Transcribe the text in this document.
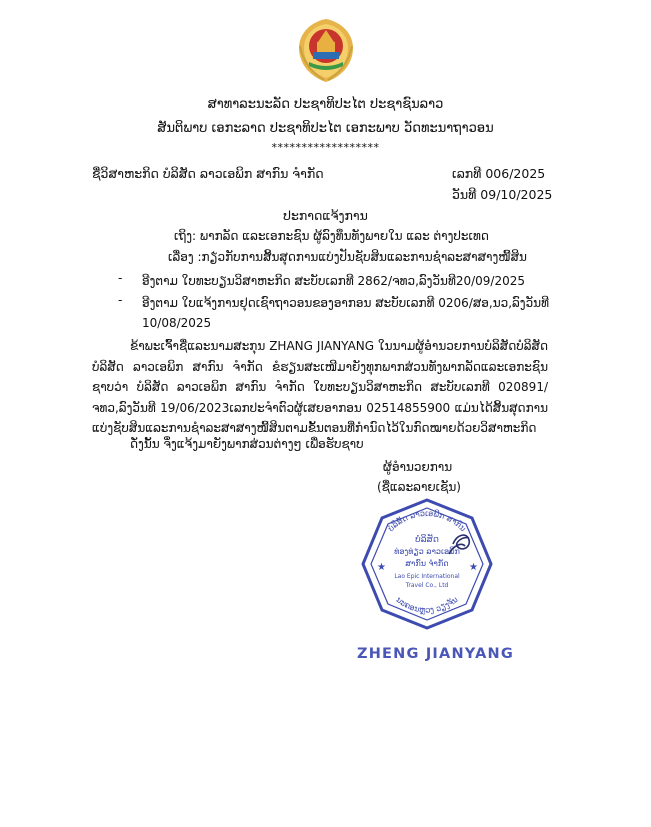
ສາທາລະນະລັດ ປະຊາທິປະໄຕ ປະຊາຊົນລາວ
ສັນຕິພາບ ເອກະລາດ ປະຊາທິປະໄຕ ເອກະພາບ ວັດທະນາຖາວອນ
******************
ຊື່ວິສາຫະກິດ ບໍລິສັດ ລາວເອພິກ ສາກົນ ຈຳກັດ	ເລກທີ 006/2025
ວັນທີ 09/10/2025
ປະກາດແຈ້ງການ
ເຖິງ: ພາກລັດ ແລະເອກະຊົນ ຜູ້ລົງທຶນທັງພາຍໃນ ແລະ ຕ່າງປະເທດ
ເລື່ອງ :ກຽ່ວກັບການສິ້ນສຸດການແບ່ງປັນຊັບສິນແລະການຊຳລະສາສາງໜີ້ສິນ
- ອີງຕາມ ໃບທະບຽນວິສາຫະກິດ ສະບັບເລກທີ 2862/ຈທວ,ລົງວັນທີ20/09/2025
- ອີງຕາມ ໃບແຈ້ງການຢຸດເຊົາຖາວອນຂອງອາກອນ ສະບັບເລກທີ 0206/ສອ,ນວ,ລົງວັນທີ 10/08/2025
ຂ້າພະເຈົ້າຊື່ແລະນາມສະກຸນ ZHANG JIANYANG ໃນນາມຜູ້ອຳນວຍການບໍລິສັດບໍລິສັດ ບໍລິສັດ ລາວເອພິກ ສາກົນ ຈຳກັດ ຂໍຮຽນສະເໜີມາຍັງທຸກພາກສ່ວນທັງພາກລັດແລະເອກະຊົນຊາບວ່າ ບໍລິສັດ ລາວເອພິກ ສາກົນ ຈຳກັດ ໃບທະບຽນວິສາຫະກິດ ສະບັບເລກທີ 020891/ຈທວ,ລົງວັນທີ 19/06/2023ເລກປະຈຳຕົວຜູ້ເສຍອາກອນ 02514855900 ແມ່ນໄດ້ສິ້ນສຸດການແບ່ງຊັບສິນແລະການຊຳລະສາສາງໜີ້ສິນຕາມຂັ້ນຕອນທີ່ກຳນົດໄວ້ໃນກົດໝາຍດ້ວຍວິສາຫະກິດ
ດັ່ງນັ້ນ ຈຶ່ງແຈ້ງມາຍັງພາກສ່ວນຕ່າງໆ ເພື່ອຮັບຊາບ
ຜູ້ອຳນວຍການ
(ຊື່ແລະລາຍເຊັນ)
ບໍລິສັດ ລາວເອພິກ ສາກົນ
ບໍລິສັດ
ທ່ອງທ່ຽວ ລາວເອພິກ
ສາກົນ ຈຳກັດ
Lao Epic International
Travel Co., Ltd
ນະຄອນຫຼວງ ວຽງຈັນ
★	★
ZHENG JIANYANG
